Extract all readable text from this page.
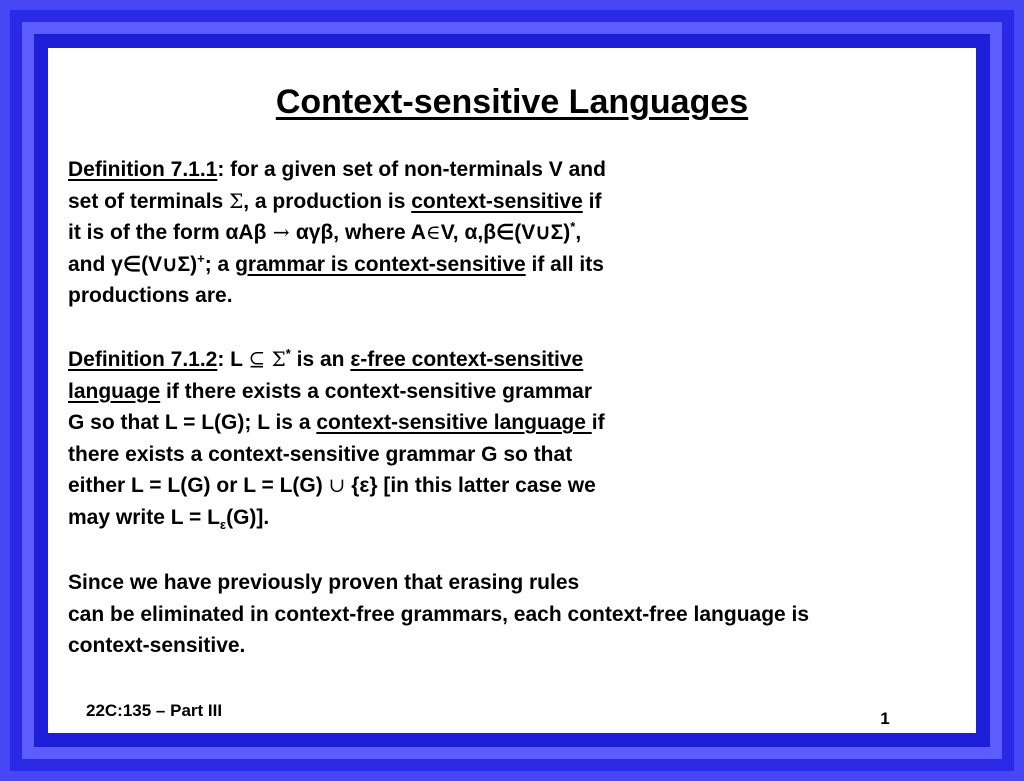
Context-sensitive Languages
Definition 7.1.1: for a given set of non-terminals V and
set of terminals Σ, a production is context-sensitive if
it is of the form αAβ → αγβ, where A∈V, α,β∈(V∪Σ)*,
and γ∈(V∪Σ)+; a grammar is context-sensitive if all its
productions are.
Definition 7.1.2: L ⊆ Σ* is an ε-free context-sensitive
language if there exists a context-sensitive grammar
G so that L = L(G); L is a context-sensitive language if
there exists a context-sensitive grammar G so that
either L = L(G) or L = L(G) ∪ {ε} [in this latter case we
may write $L = L_\varepsilon(G)$].
Since we have previously proven that erasing rules
can be eliminated in context-free grammars, each context-free language is
context-sensitive.
22C:135 – Part III	1
